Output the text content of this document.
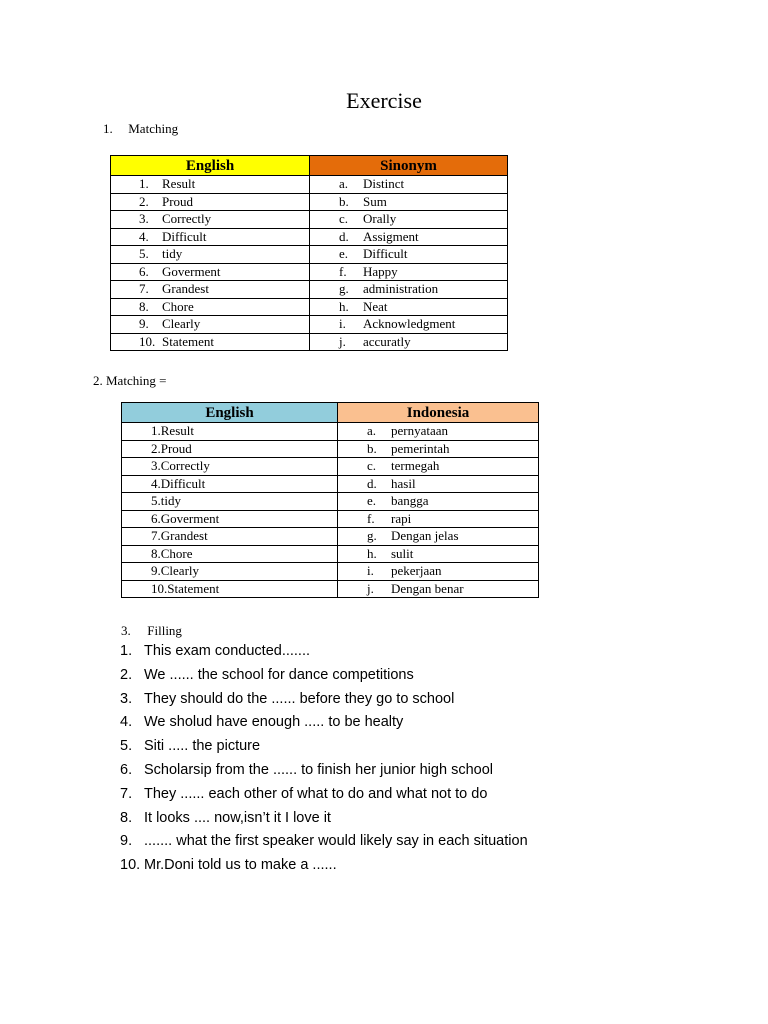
Exercise
1. Matching
English	Sinonym
1. Result	a. Distinct
2. Proud	b. Sum
3. Correctly	c. Orally
4. Difficult	d. Assigment
5. tidy	e. Difficult
6. Goverment	f. Happy
7. Grandest	g. administration
8. Chore	h. Neat
9. Clearly	i. Acknowledgment
10. Statement	j. accuratly
2. Matching =
English	Indonesia
1.Result	a. pernyataan
2.Proud	b. pemerintah
3.Correctly	c. termegah
4.Difficult	d. hasil
5.tidy	e. bangga
6.Goverment	f. rapi
7.Grandest	g. Dengan jelas
8.Chore	h. sulit
9.Clearly	i. pekerjaan
10.Statement	j. Dengan benar
3. Filling
1. This exam conducted.......
2. We ...... the school for dance competitions
3. They should do the ...... before they go to school
4. We sholud have enough ..... to be healty
5. Siti ..... the picture
6. Scholarsip from the ...... to finish her junior high school
7. They ...... each other of what to do and what not to do
8. It looks .... now,isn’t it I love it
9. ....... what the first speaker would likely say in each situation
10. Mr.Doni told us to make a ......
